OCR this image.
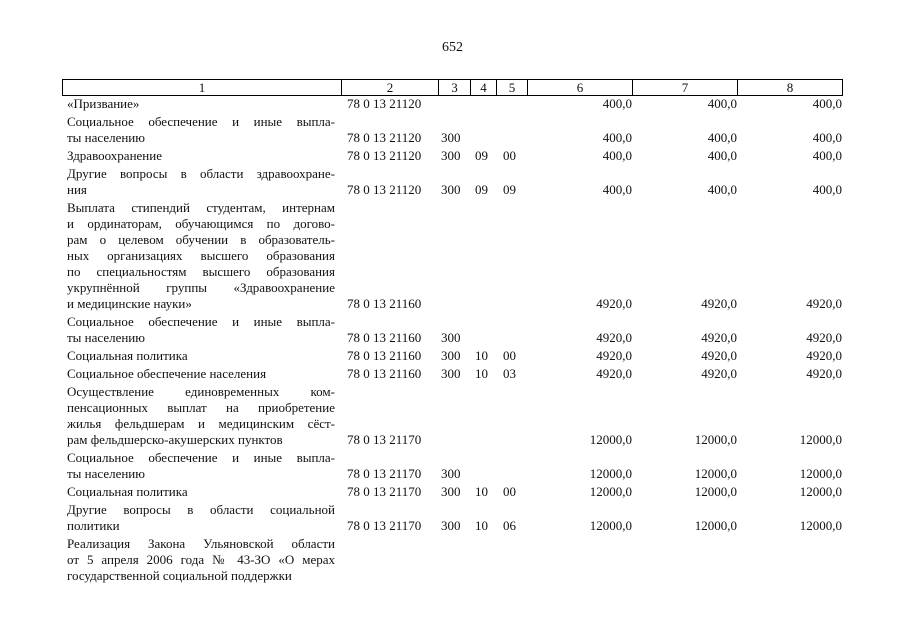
652
1	2	3	4	5	6	7	8
«Призвание»	78 0 13 21120	400,0	400,0	400,0
Социальное обеспечение и иные выпла-
ты населению	78 0 13 21120 300	400,0	400,0	400,0
Здравоохранение	78 0 13 21120 300 09 00	400,0	400,0	400,0
Другие вопросы в области здравоохране-
ния	78 0 13 21120 300 09 09	400,0	400,0	400,0
Выплата стипендий студентам, интернам
и ординаторам, обучающимся по догово-
рам о целевом обучении в образователь-
ных организациях высшего образования
по специальностям высшего образования
укрупнённой группы «Здравоохранение
и медицинские науки»	78 0 13 21160	4920,0	4920,0	4920,0
Социальное обеспечение и иные выпла-
ты населению	78 0 13 21160 300	4920,0	4920,0	4920,0
Социальная политика	78 0 13 21160 300 10 00	4920,0	4920,0	4920,0
Социальное обеспечение населения	78 0 13 21160 300 10 03	4920,0	4920,0	4920,0
Осуществление единовременных ком-
пенсационных выплат на приобретение
жилья фельдшерам и медицинским сёст-
рам фельдшерско-акушерских пунктов	78 0 13 21170	12000,0	12000,0	12000,0
Социальное обеспечение и иные выпла-
ты населению	78 0 13 21170 300	12000,0	12000,0	12000,0
Социальная политика	78 0 13 21170 300 10 00	12000,0	12000,0	12000,0
Другие вопросы в области социальной
политики	78 0 13 21170 300 10 06	12000,0	12000,0	12000,0
Реализация Закона Ульяновской области
от 5 апреля 2006 года № 43-ЗО «О мерах
государственной социальной поддержки
